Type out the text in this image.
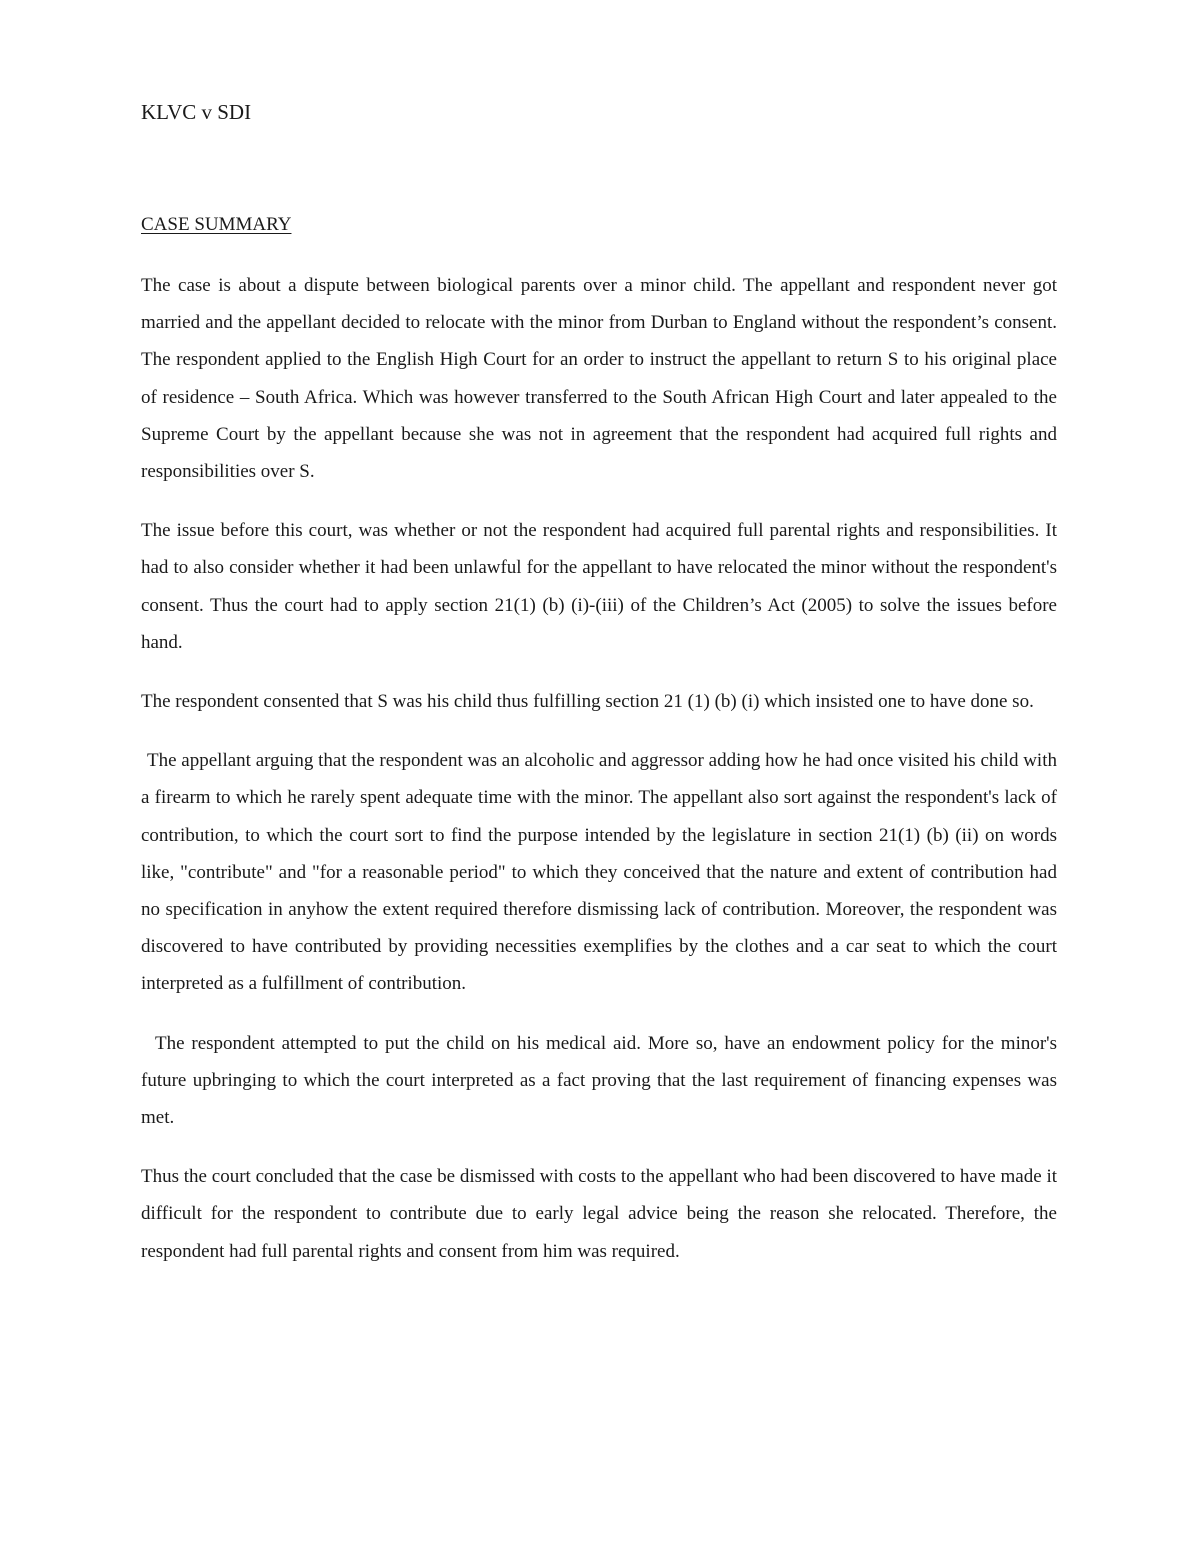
KLVC v SDI
CASE SUMMARY

The case is about a dispute between biological parents over a minor child. The appellant and respondent never got married and the appellant decided to relocate with the minor from Durban to England without the respondent’s consent. The respondent applied to the English High Court for an order to instruct the appellant to return S to his original place of residence – South Africa. Which was however transferred to the South African High Court and later appealed to the Supreme Court by the appellant because she was not in agreement that the respondent had acquired full rights and responsibilities over S.

The issue before this court, was whether or not the respondent had acquired full parental rights and responsibilities. It had to also consider whether it had been unlawful for the appellant to have relocated the minor without the respondent's consent. Thus the court had to apply section 21(1) (b) (i)-(iii) of the Children’s Act (2005) to solve the issues before hand.

The respondent consented that S was his child thus fulfilling section 21 (1) (b) (i) which insisted one to have done so.

The appellant arguing that the respondent was an alcoholic and aggressor adding how he had once visited his child with a firearm to which he rarely spent adequate time with the minor. The appellant also sort against the respondent's lack of contribution, to which the court sort to find the purpose intended by the legislature in section 21(1) (b) (ii) on words like, "contribute" and "for a reasonable period" to which they conceived that the nature and extent of contribution had no specification in anyhow the extent required therefore dismissing lack of contribution. Moreover, the respondent was discovered to have contributed by providing necessities exemplifies by the clothes and a car seat to which the court interpreted as a fulfillment of contribution.

The respondent attempted to put the child on his medical aid. More so, have an endowment policy for the minor's future upbringing to which the court interpreted as a fact proving that the last requirement of financing expenses was met.

Thus the court concluded that the case be dismissed with costs to the appellant who had been discovered to have made it difficult for the respondent to contribute due to early legal advice being the reason she relocated. Therefore, the respondent had full parental rights and consent from him was required.
